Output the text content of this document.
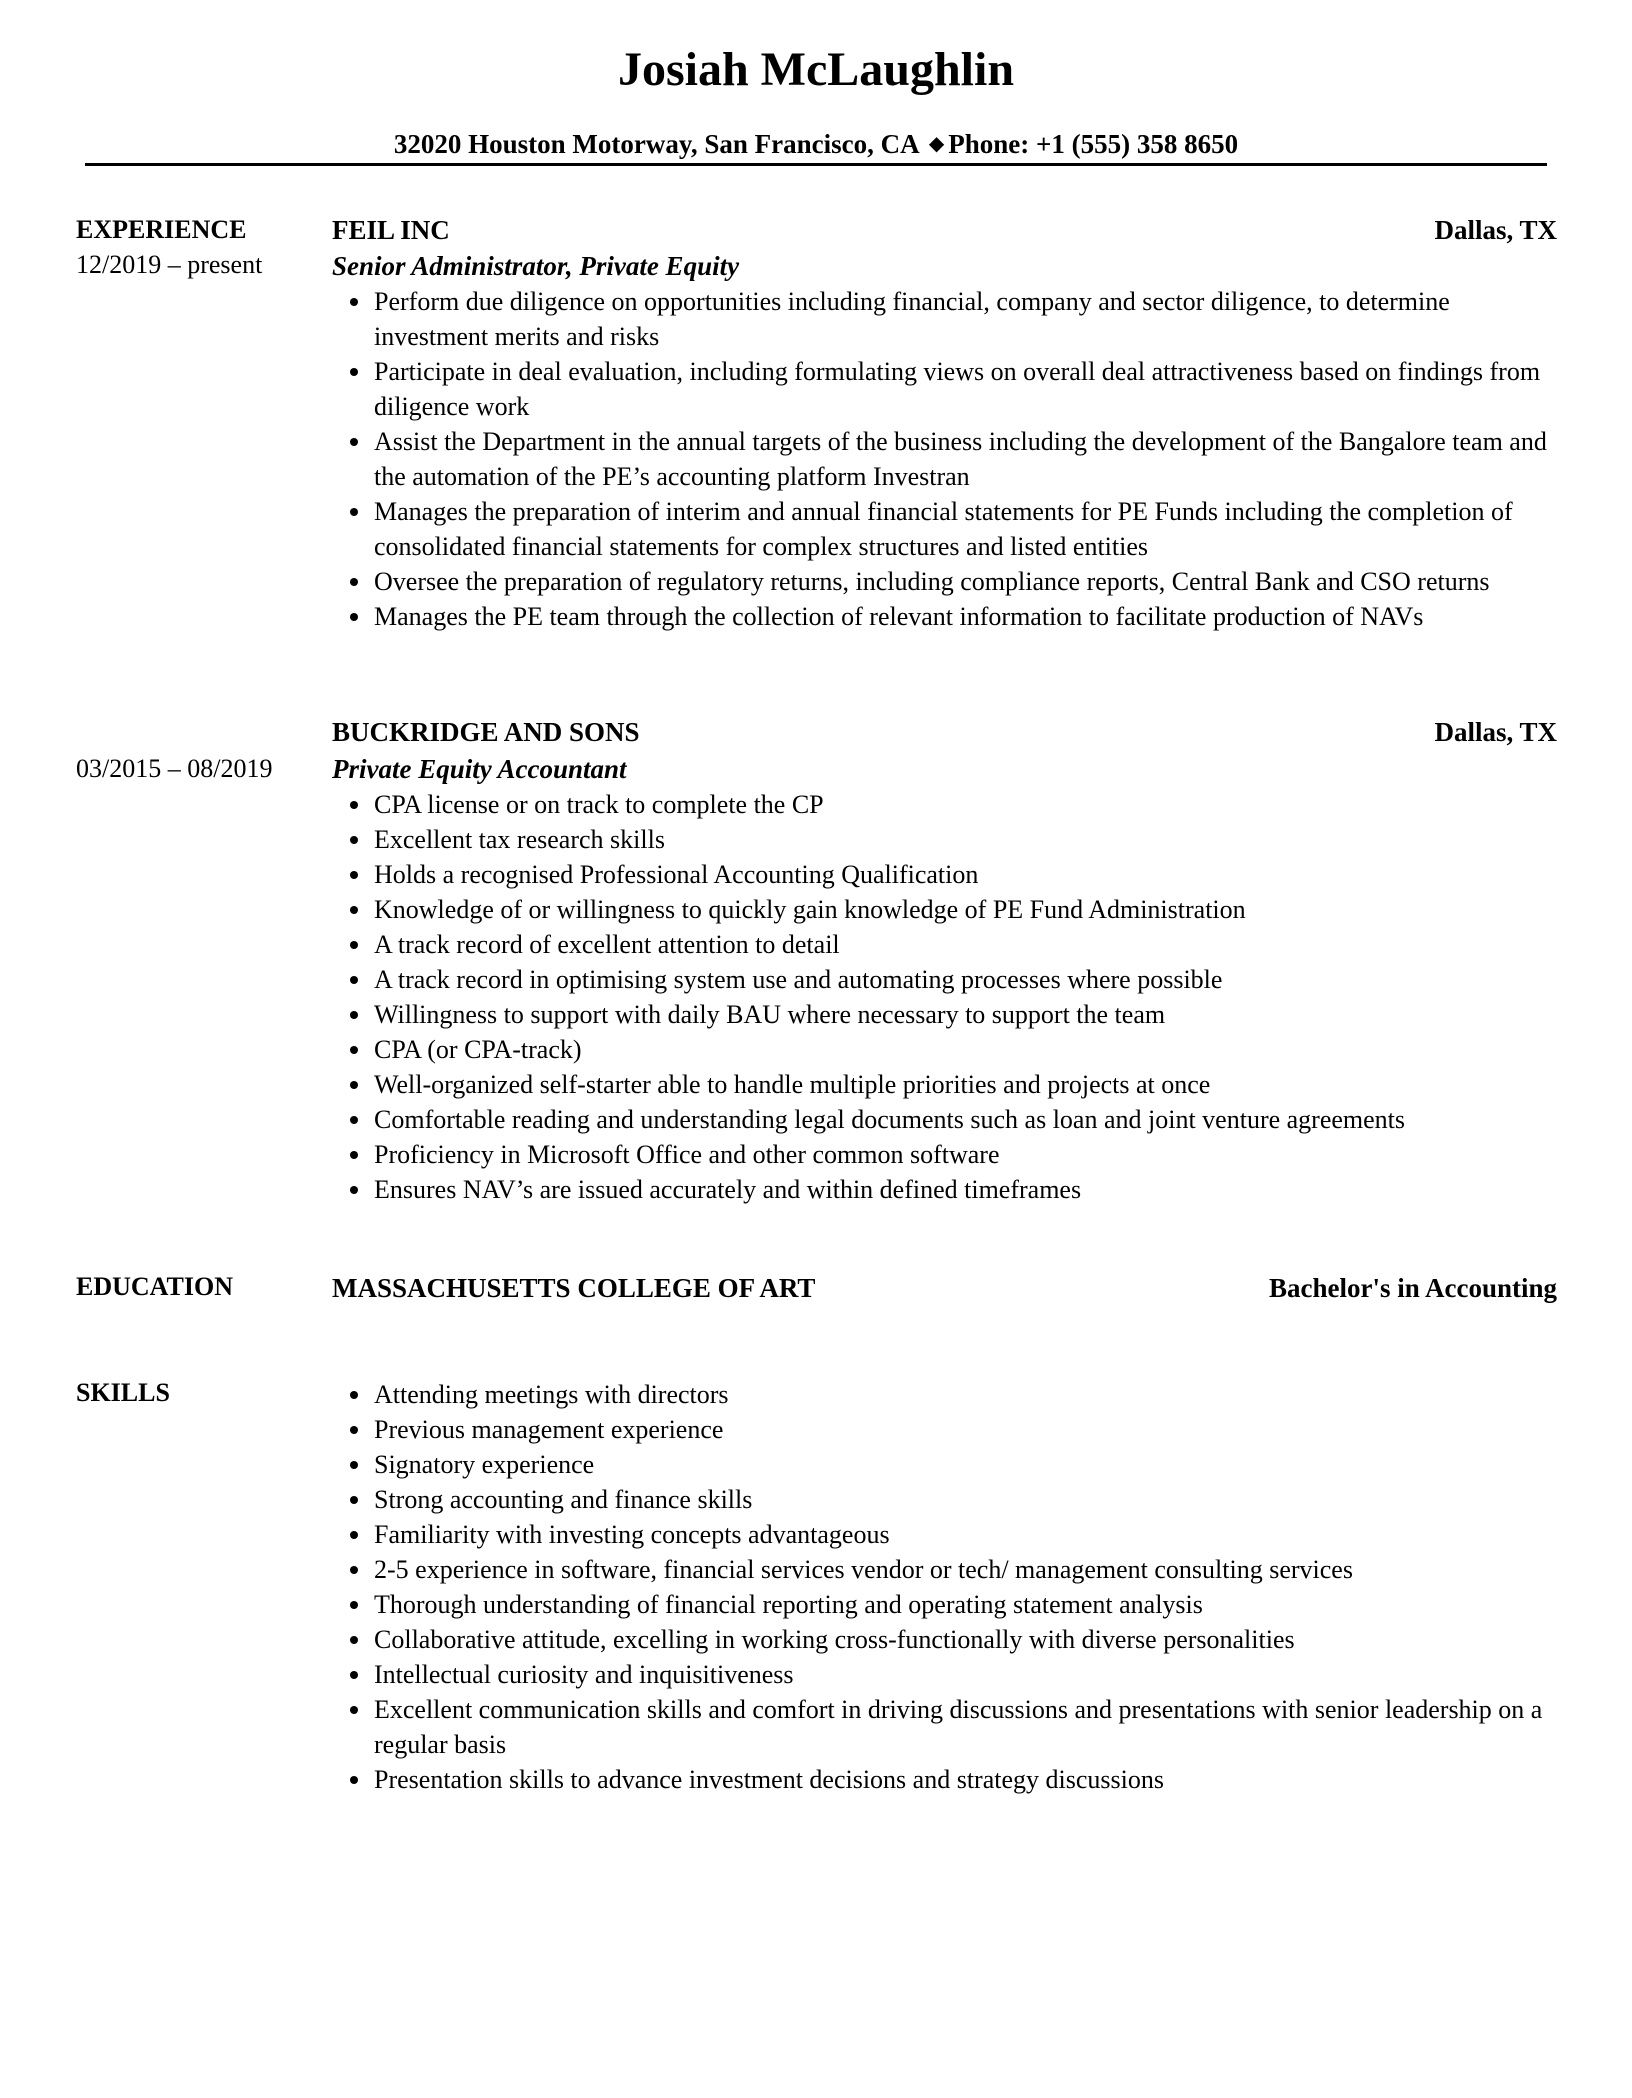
Josiah McLaughlin
32020 Houston Motorway, San Francisco, CA ◆ Phone: +1 (555) 358 8650
EXPERIENCE
12/2019 – present
FEIL INC	Dallas, TX
Senior Administrator, Private Equity
Perform due diligence on opportunities including financial, company and sector diligence, to determine investment merits and risks
Participate in deal evaluation, including formulating views on overall deal attractiveness based on findings from diligence work
Assist the Department in the annual targets of the business including the development of the Bangalore team and the automation of the PE’s accounting platform Investran
Manages the preparation of interim and annual financial statements for PE Funds including the completion of consolidated financial statements for complex structures and listed entities
Oversee the preparation of regulatory returns, including compliance reports, Central Bank and CSO returns
Manages the PE team through the collection of relevant information to facilitate production of NAVs
03/2015 – 08/2019
BUCKRIDGE AND SONS	Dallas, TX
Private Equity Accountant
CPA license or on track to complete the CP
Excellent tax research skills
Holds a recognised Professional Accounting Qualification
Knowledge of or willingness to quickly gain knowledge of PE Fund Administration
A track record of excellent attention to detail
A track record in optimising system use and automating processes where possible
Willingness to support with daily BAU where necessary to support the team
CPA (or CPA-track)
Well-organized self-starter able to handle multiple priorities and projects at once
Comfortable reading and understanding legal documents such as loan and joint venture agreements
Proficiency in Microsoft Office and other common software
Ensures NAV’s are issued accurately and within defined timeframes
EDUCATION	MASSACHUSETTS COLLEGE OF ART	Bachelor's in Accounting
SKILLS	Attending meetings with directors
Previous management experience
Signatory experience
Strong accounting and finance skills
Familiarity with investing concepts advantageous
2-5 experience in software, financial services vendor or tech/ management consulting services
Thorough understanding of financial reporting and operating statement analysis
Collaborative attitude, excelling in working cross-functionally with diverse personalities
Intellectual curiosity and inquisitiveness
Excellent communication skills and comfort in driving discussions and presentations with senior leadership on a regular basis
Presentation skills to advance investment decisions and strategy discussions
